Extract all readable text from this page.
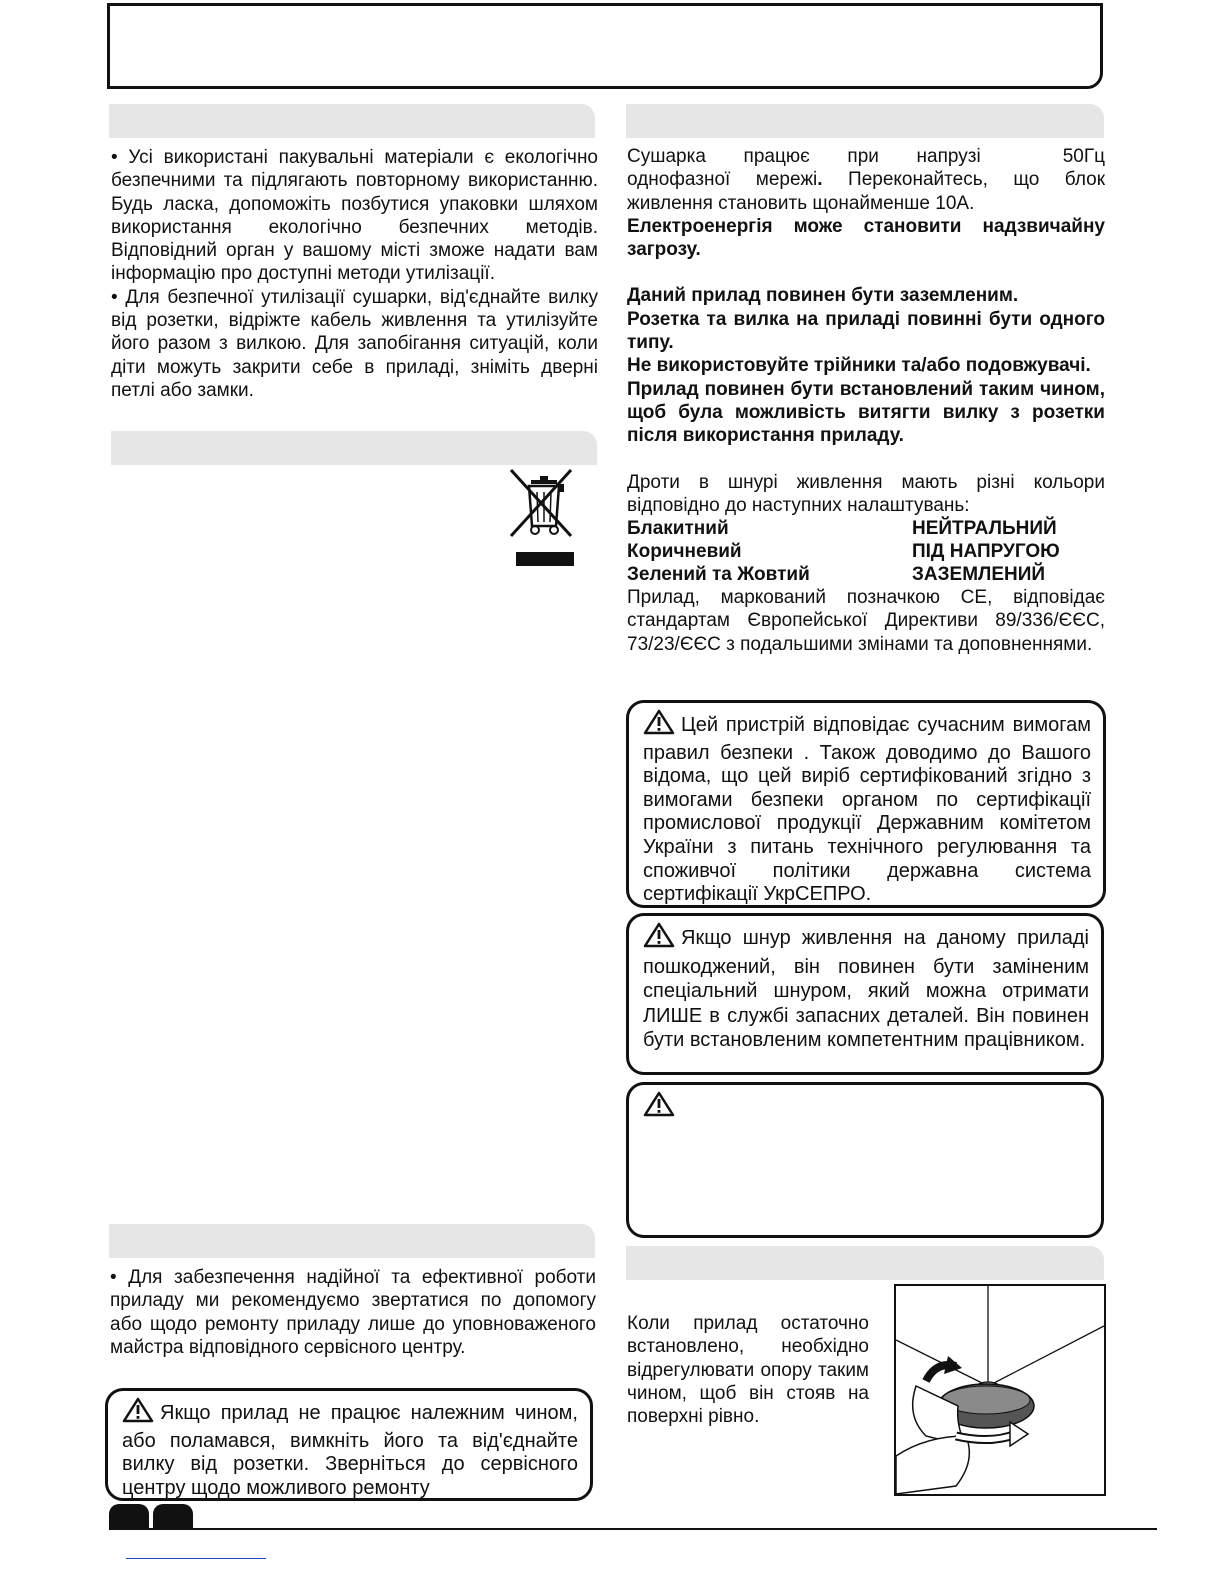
• Усі використані пакувальні матеріали є екологічно безпечними та підлягають повторному використанню. Будь ласка, допоможіть позбутися упаковки шляхом використання екологічно безпечних методів. Відповідний орган у вашому місті зможе надати вам інформацію про доступні методи утилізації.

• Для безпечної утилізації сушарки, від'єднайте вилку від розетки, відріжте кабель живлення та утилізуйте його разом з вилкою. Для запобігання ситуацій, коли діти можуть закрити себе в приладі, зніміть дверні петлі або замки.

• Для забезпечення надійної та ефективної роботи приладу ми рекомендуємо звертатися по допомогу або щодо ремонту приладу лише до уповноваженого майстра відповідного сервісного центру.
Якщо прилад не працює належним чином, або поламався, вимкніть його та від'єднайте вилку від розетки. Зверніться до сервісного центру щодо можливого ремонту

Сушарка працює при напрузі	50Гц однофазної мережі. Переконайтесь, що блок живлення становить щонайменше 10А.

Електроенергія може становити надзвичайну загрозу.

Даний прилад повинен бути заземленим.

Розетка та вилка на приладі повинні бути одного типу.

Не використовуйте трійники та/або подовжувачі.

Прилад повинен бути встановлений таким чином, щоб була можливість витягти вилку з розетки після використання приладу.

Дроти в шнурі живлення мають різні кольори відповідно до наступних налаштувань:

Блакитний	НЕЙТРАЛЬНИЙ
Коричневий	ПІД НАПРУГОЮ
Зелений та Жовтий	ЗАЗЕМЛЕНИЙ

Прилад, маркований позначкою CE, відповідає стандартам Європейської Директиви 89/336/ЄЄС, 73/23/ЄЄС з подальшими змінами та доповненнями.

Цей пристрій відповідає сучасним вимогам правил безпеки . Також доводимо до Вашого відома, що цей виріб сертифікований згідно з вимогами безпеки органом по сертифікації промислової продукції Державним комітетом України з питань технічного регулювання та споживчої політики державна система сертифікації УкрСЕПРО.
Якщо шнур живлення на даному приладі пошкоджений, він повинен бути заміненим спеціальний шнуром, який можна отримати ЛИШЕ в службі запасних деталей. Він повинен бути встановленим компетентним працівником.
Коли прилад остаточно встановлено, необхідно відрегулювати опору таким чином, щоб він стояв на поверхні рівно.
